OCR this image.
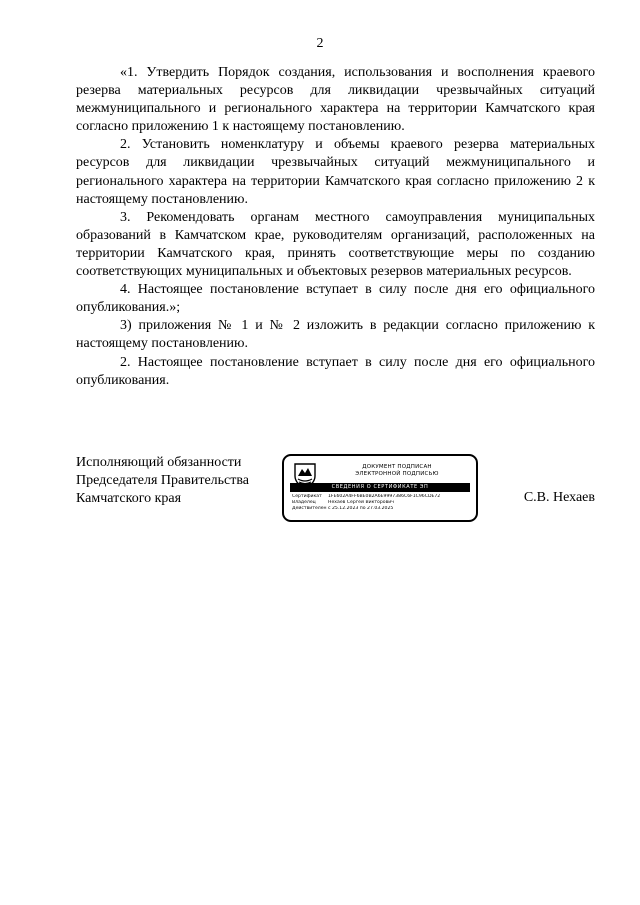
2

«1. Утвердить Порядок создания, использования и восполнения краевого резерва материальных ресурсов для ликвидации чрезвычайных ситуаций межмуниципального и регионального характера на территории Камчатского края согласно приложению 1 к настоящему постановлению.

2. Установить номенклатуру и объемы краевого резерва материальных ресурсов для ликвидации чрезвычайных ситуаций межмуниципального и регионального характера на территории Камчатского края согласно приложению 2 к настоящему постановлению.

3. Рекомендовать органам местного самоуправления муниципальных образований в Камчатском крае, руководителям организаций, расположенных на территории Камчатского края, принять соответствующие меры по созданию соответствующих муниципальных и объектовых резервов материальных ресурсов.

4. Настоящее постановление вступает в силу после дня его официального опубликования.»;

3) приложения № 1 и № 2 изложить в редакции согласно приложению к настоящему постановлению.

2. Настоящее постановление вступает в силу после дня его официального опубликования.

Исполняющий обязанности
Председателя Правительства
Камчатского края
ДОКУМЕНТ ПОДПИСАН
ЭЛЕКТРОННОЙ ПОДПИСЬЮ
СВЕДЕНИЯ О СЕРТИФИКАТЕ ЭП
Сертификат 1FE602A4FF6BE0B2A6E9997386C6F1C96CDE72
Владелец	Нехаев Сергей Викторович
Действителенс 25.12.2023 по 27.03.2025
С.В. Нехаев
